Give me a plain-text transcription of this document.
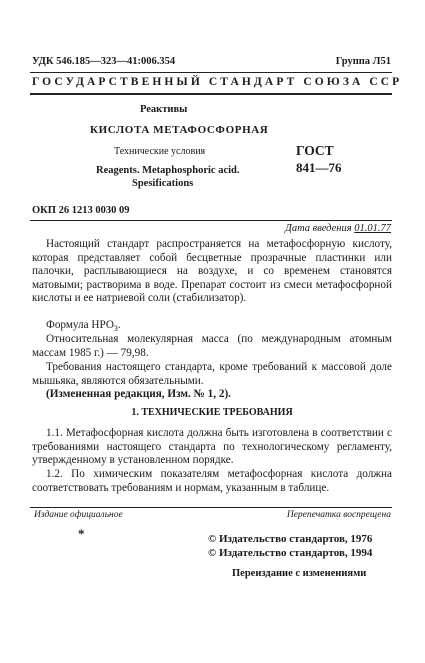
УДК 546.185—323—41:006.354	Группа Л51
ГОСУДАРСТВЕННЫЙ СТАНДАРТ СОЮЗА ССР
Реактивы
КИСЛОТА МЕТАФОСФОРНАЯ
Технические условия
Reagents. Metaphosphoric acid.
Spesifications
ГОСТ
841—76
ОКП 26 1213 0030 09
Дата введения 01.01.77
Настоящий стандарт распространяется на метафосфорную кислоту, которая представляет собой бесцветные прозрачные пластинки или палочки, расплывающиеся на воздухе, и со временем становятся матовыми; растворима в воде. Препарат состоит из смеси метафосфорной кислоты и ее натриевой соли (стабилизатор).
Формула $НРО_3$.
Относительная молекулярная масса (по международным атомным массам 1985 г.) — 79,98.
Требования настоящего стандарта, кроме требований к массовой доле мышьяка, являются обязательными.
(Измененная редакция, Изм. № 1, 2).
1. ТЕХНИЧЕСКИЕ ТРЕБОВАНИЯ
1.1. Метафосфорная кислота должна быть изготовлена в соответствии с требованиями настоящего стандарта по технологическому регламенту, утвержденному в установленном порядке.
1.2. По химическим показателям метафосфорная кислота должна соответствовать требованиям и нормам, указанным в таблице.
Издание официальное	Перепечатка воспрещена
*	© Издательство стандартов, 1976
© Издательство стандартов, 1994
Переиздание с изменениями
